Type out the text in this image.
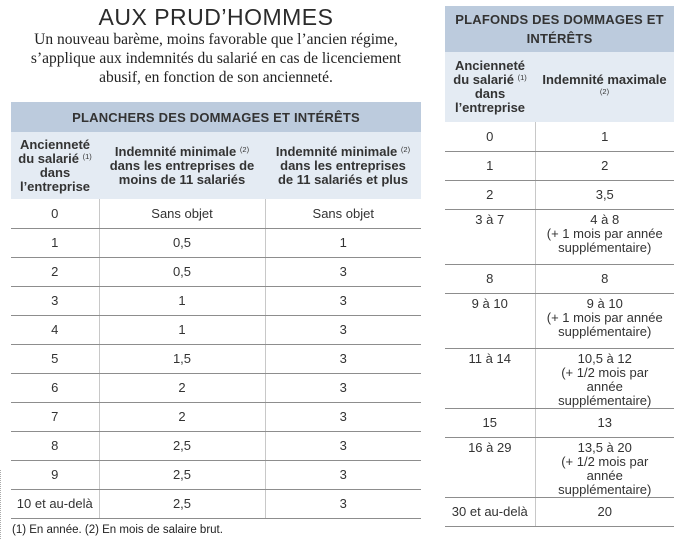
AUX PRUD’HOMMES
Un nouveau barème, moins favorable que l’ancien régime, s’applique aux indemnités du salarié en cas de licenciement abusif, en fonction de son ancienneté.
PLANCHERS DES DOMMAGES ET INTÉRÊTS		
Ancienneté du salarié $^{(1)}$ dans l’entreprise	Indemnité minimale $^{(2)}$ dans les entreprises de moins de 11 salariés	Indemnité minimale $^{(2)}$ dans les entreprises de 11 salariés et plus
0	Sans objet	Sans objet
1	0,5	1
2	0,5	3
3	1	3
4	1	3
5	1,5	3
6	2	3
7	2	3
8	2,5	3
9	2,5	3
10 et au-delà	2,5	3
PLAFONDS DES DOMMAGES ET INTÉRÊTS	
Ancienneté du salarié $^{(1)}$ dans l’entreprise	Indemnité maximale $^{(2)}$
0	1

1	2

2	3,5

3 à 7	4 à 8
(+ 1 mois par année supplémentaire)

8	8

9 à 10	9 à 10
(+ 1 mois par année supplémentaire)

11 à 14	10,5 à 12
(+ 1/2 mois par année supplémentaire)

15	13

16 à 29	13,5 à 20
(+ 1/2 mois par année supplémentaire)

30 et au-delà	20
(1) En année. (2) En mois de salaire brut.
